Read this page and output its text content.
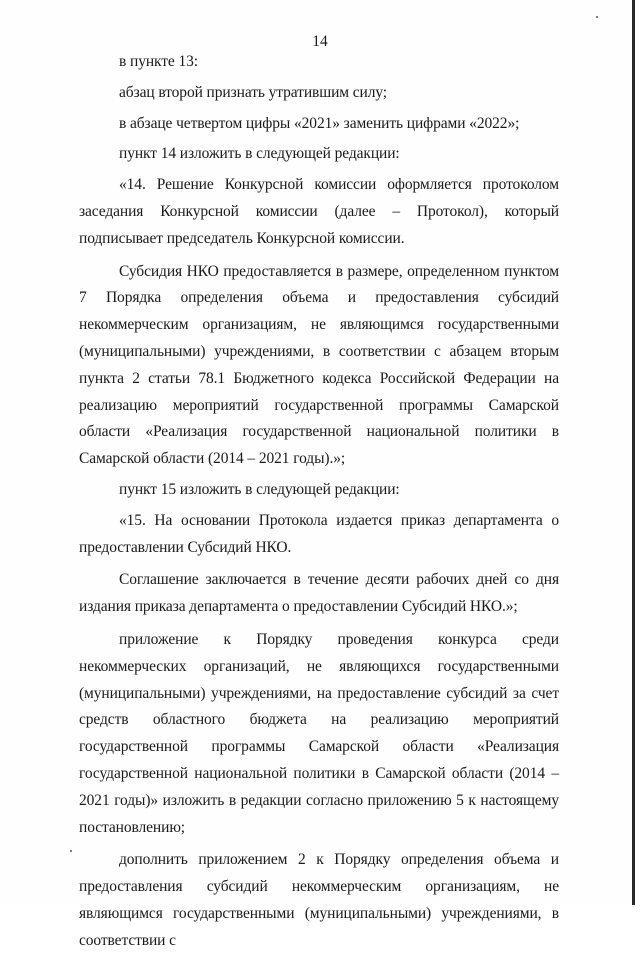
14

в пункте 13:

абзац второй признать утратившим силу;

в абзаце четвертом цифры «2021» заменить цифрами «2022»;

пункт 14 изложить в следующей редакции:

«14. Решение Конкурсной комиссии оформляется протоколом заседания Конкурсной комиссии (далее – Протокол), который подписывает председатель Конкурсной комиссии.

Субсидия НКО предоставляется в размере, определенном пунктом 7 Порядка определения объема и предоставления субсидий некоммерческим организациям, не являющимся государственными (муниципальными) учреждениями, в соответствии с абзацем вторым пункта 2 статьи 78.1 Бюджетного кодекса Российской Федерации на реализацию мероприятий государственной программы Самарской области «Реализация государственной национальной политики в Самарской области (2014 – 2021 годы).»;

пункт 15 изложить в следующей редакции:

«15. На основании Протокола издается приказ департамента о предоставлении Субсидий НКО.

Соглашение заключается в течение десяти рабочих дней со дня издания приказа департамента о предоставлении Субсидий НКО.»;

приложение к Порядку проведения конкурса среди некоммерческих организаций, не являющихся государственными (муниципальными) учреждениями, на предоставление субсидий за счет средств областного бюджета на реализацию мероприятий государственной программы Самарской области «Реализация государственной национальной политики в Самарской области (2014 – 2021 годы)» изложить в редакции согласно приложению 5 к настоящему постановлению;

дополнить приложением 2 к Порядку определения объема и предоставления субсидий некоммерческим организациям, не являющимся государственными (муниципальными) учреждениями, в соответствии с
